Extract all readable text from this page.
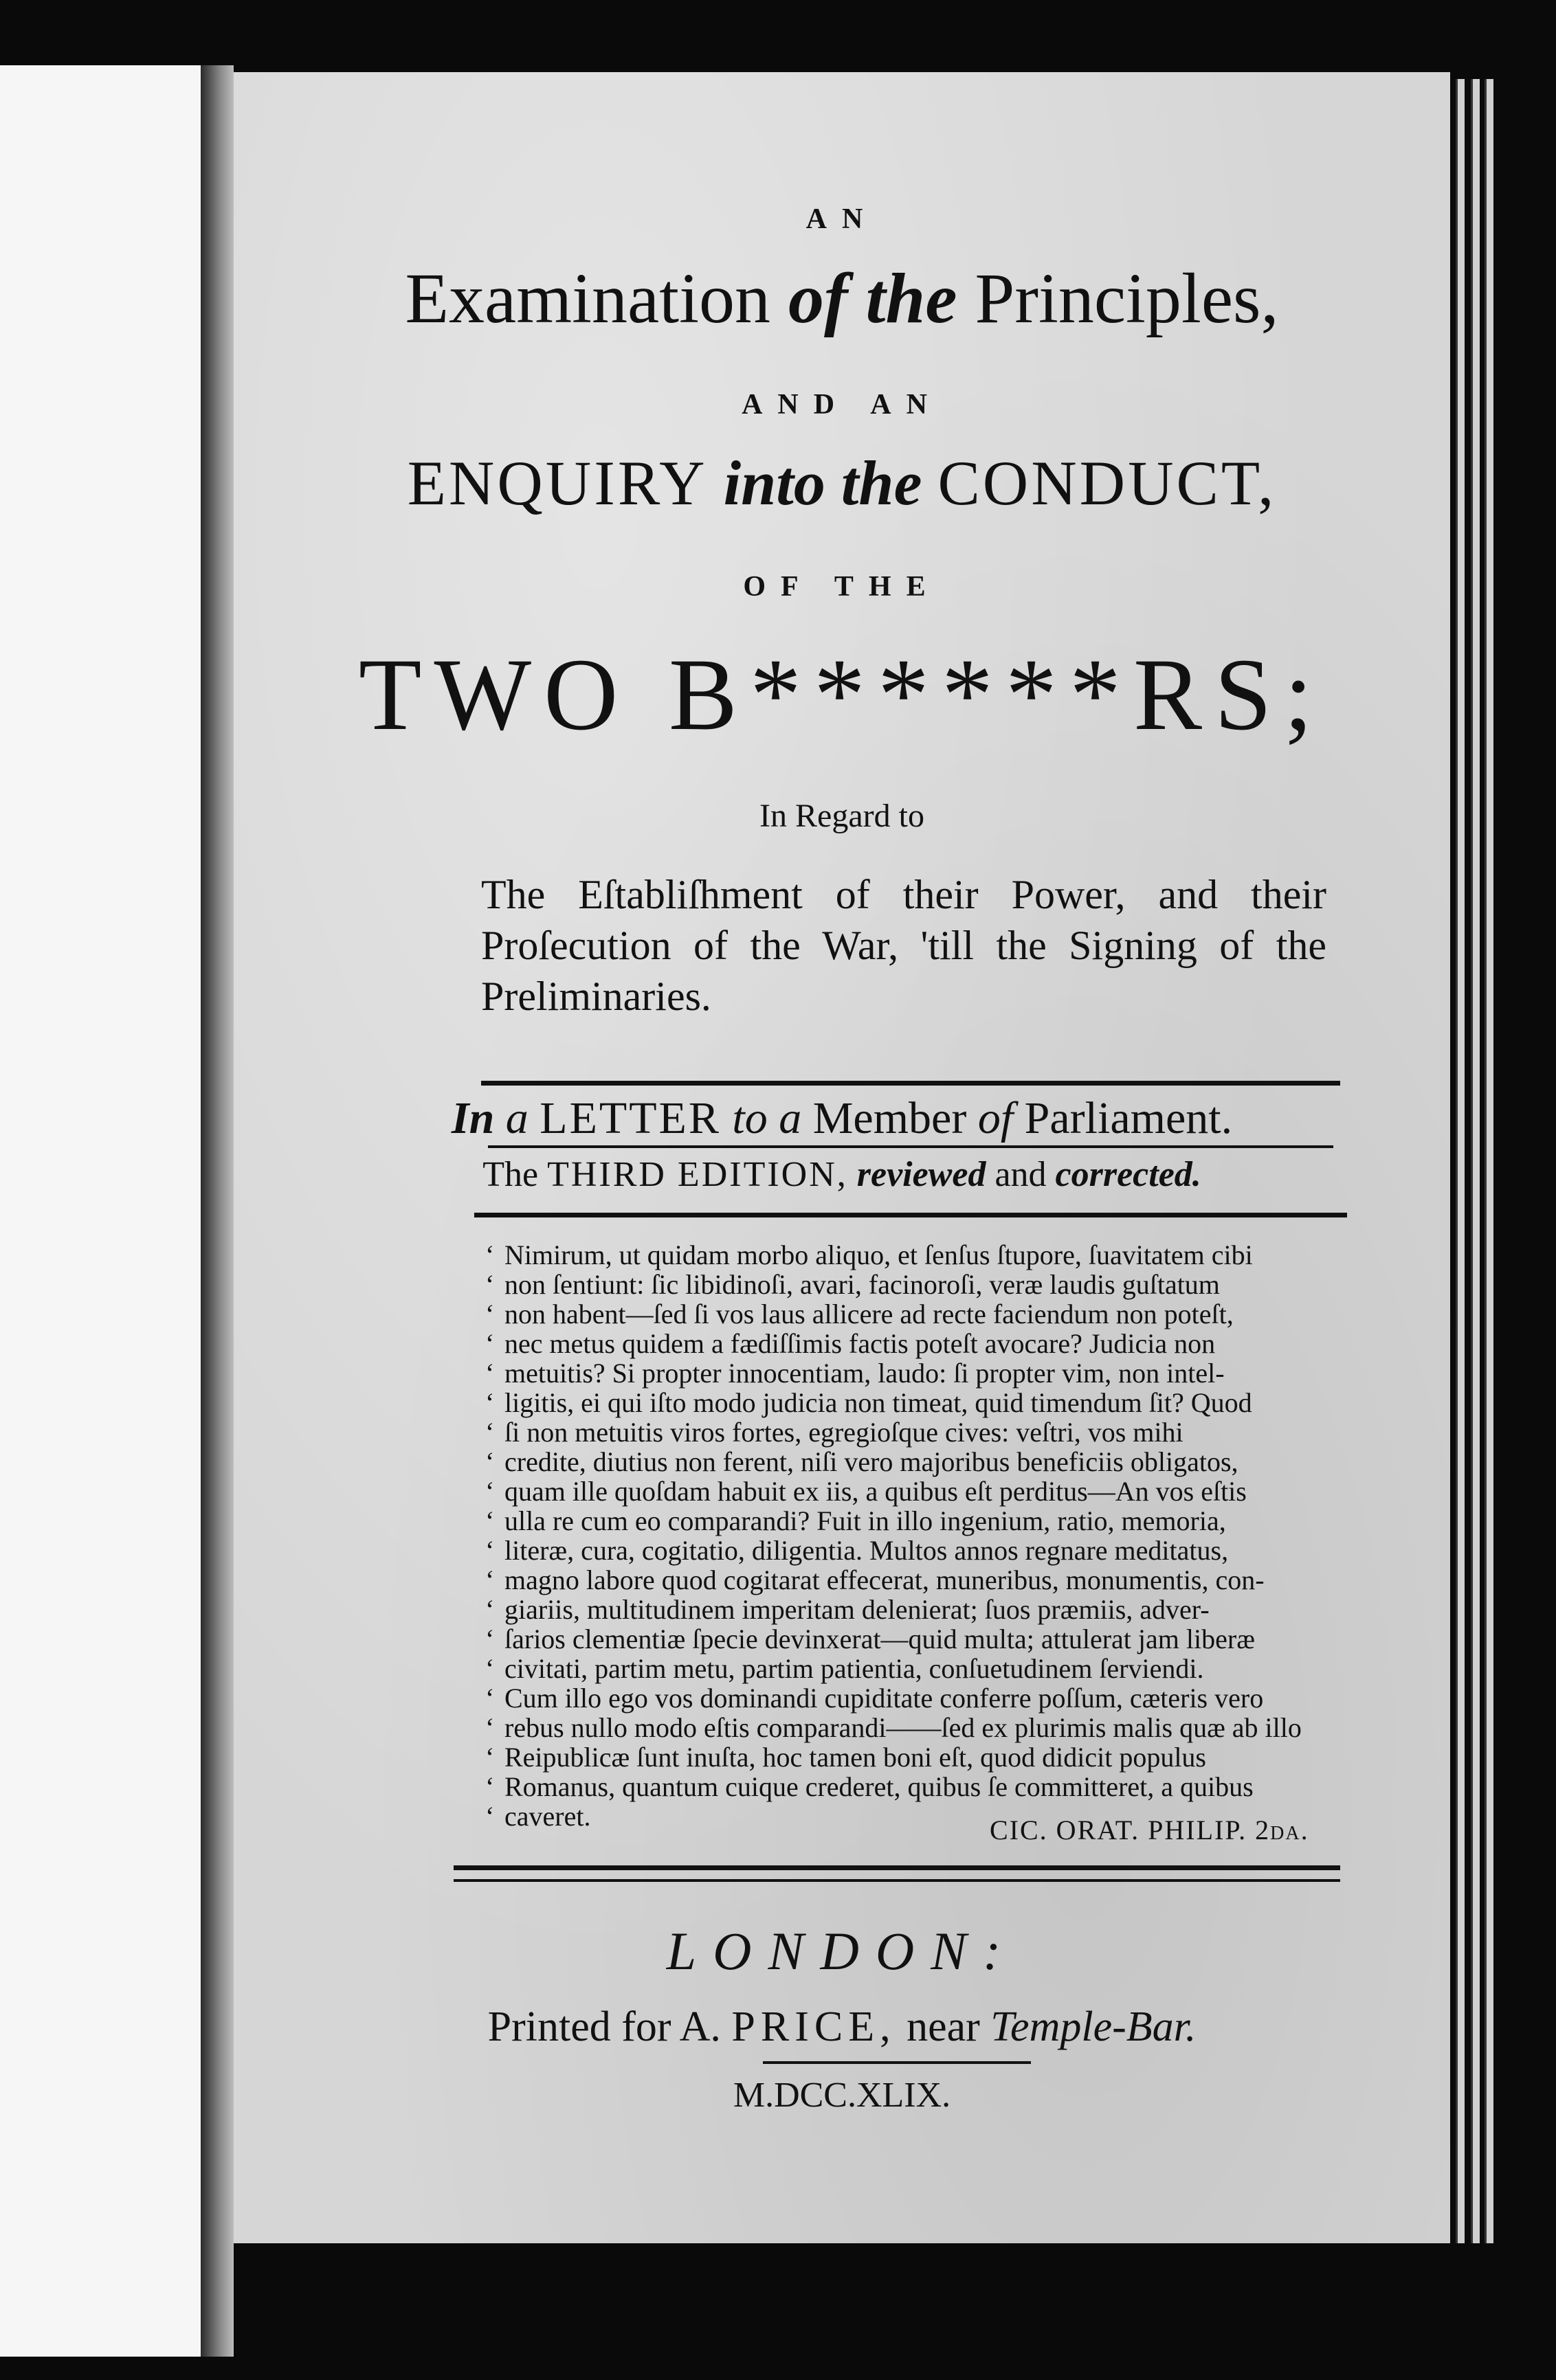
AN
Examination of the Principles,
AND AN
ENQUIRY into the CONDUCT,
OF THE
TWO B******RS;
In Regard to
The Eſtabliſhment of their Power, and their Proſecution of the War, 'till the Signing of the Preliminaries.
In a LETTER to a Member of Parliament.
The THIRD EDITION, reviewed and corrected.
‘ Nimirum, ut quidam morbo aliquo, et ſenſus ſtupore, ſuavitatem cibi
‘ non ſentiunt: ſic libidinoſi, avari, facinoroſi, veræ laudis guſtatum
‘ non habent—ſed ſi vos laus allicere ad recte faciendum non poteſt,
‘ nec metus quidem a fædiſſimis factis poteſt avocare? Judicia non
‘ metuitis? Si propter innocentiam, laudo: ſi propter vim, non intel-
‘ ligitis, ei qui iſto modo judicia non timeat, quid timendum ſit? Quod
‘ ſi non metuitis viros fortes, egregioſque cives: veſtri, vos mihi
‘ credite, diutius non ferent, niſi vero majoribus beneficiis obligatos,
‘ quam ille quoſdam habuit ex iis, a quibus eſt perditus—An vos eſtis
‘ ulla re cum eo comparandi? Fuit in illo ingenium, ratio, memoria,
‘ literæ, cura, cogitatio, diligentia. Multos annos regnare meditatus,
‘ magno labore quod cogitarat effecerat, muneribus, monumentis, con-
‘ giariis, multitudinem imperitam delenierat; ſuos præmiis, adver-
‘ ſarios clementiæ ſpecie devinxerat—quid multa; attulerat jam liberæ
‘ civitati, partim metu, partim patientia, conſuetudinem ſerviendi.
‘ Cum illo ego vos dominandi cupiditate conferre poſſum, cæteris vero
‘ rebus nullo modo eſtis comparandi——ſed ex plurimis malis quæ ab illo
‘ Reipublicæ ſunt inuſta, hoc tamen boni eſt, quod didicit populus
‘ Romanus, quantum cuique crederet, quibus ſe committeret, a quibus
‘ caveret.	CIC. ORAT. PHILIP. 2da.
LONDON:
Printed for A. PRICE, near Temple-Bar.
M.DCC.XLIX.
